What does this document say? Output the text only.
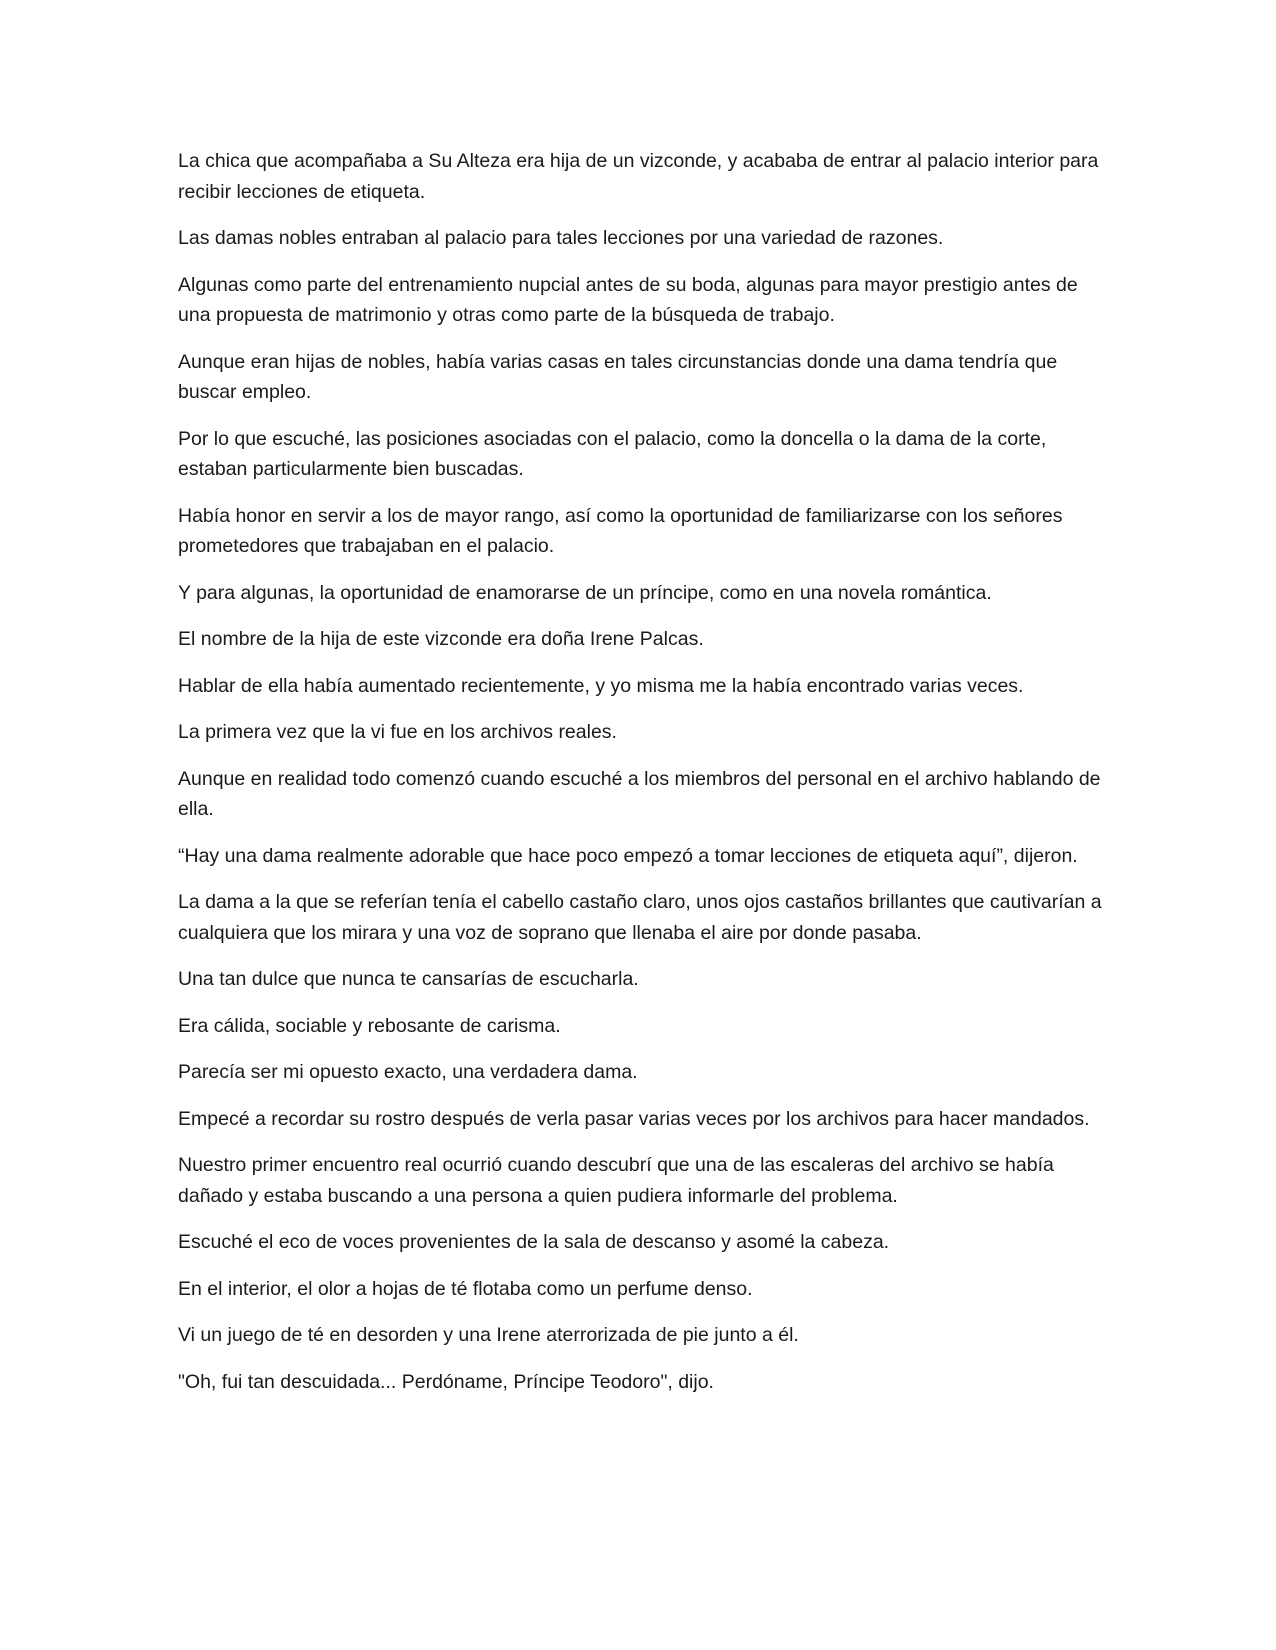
La chica que acompañaba a Su Alteza era hija de un vizconde, y acababa de entrar al palacio interior para recibir lecciones de etiqueta.

Las damas nobles entraban al palacio para tales lecciones por una variedad de razones.

Algunas como parte del entrenamiento nupcial antes de su boda, algunas para mayor prestigio antes de una propuesta de matrimonio y otras como parte de la búsqueda de trabajo.

Aunque eran hijas de nobles, había varias casas en tales circunstancias donde una dama tendría que buscar empleo.

Por lo que escuché, las posiciones asociadas con el palacio, como la doncella o la dama de la corte, estaban particularmente bien buscadas.

Había honor en servir a los de mayor rango, así como la oportunidad de familiarizarse con los señores prometedores que trabajaban en el palacio.

Y para algunas, la oportunidad de enamorarse de un príncipe, como en una novela romántica.

El nombre de la hija de este vizconde era doña Irene Palcas.

Hablar de ella había aumentado recientemente, y yo misma me la había encontrado varias veces.

La primera vez que la vi fue en los archivos reales.

Aunque en realidad todo comenzó cuando escuché a los miembros del personal en el archivo hablando de ella.

“Hay una dama realmente adorable que hace poco empezó a tomar lecciones de etiqueta aquí”, dijeron.

La dama a la que se referían tenía el cabello castaño claro, unos ojos castaños brillantes que cautivarían a cualquiera que los mirara y una voz de soprano que llenaba el aire por donde pasaba.

Una tan dulce que nunca te cansarías de escucharla.

Era cálida, sociable y rebosante de carisma.

Parecía ser mi opuesto exacto, una verdadera dama.

Empecé a recordar su rostro después de verla pasar varias veces por los archivos para hacer mandados.

Nuestro primer encuentro real ocurrió cuando descubrí que una de las escaleras del archivo se había dañado y estaba buscando a una persona a quien pudiera informarle del problema.

Escuché el eco de voces provenientes de la sala de descanso y asomé la cabeza.

En el interior, el olor a hojas de té flotaba como un perfume denso.

Vi un juego de té en desorden y una Irene aterrorizada de pie junto a él.

"Oh, fui tan descuidada... Perdóname, Príncipe Teodoro", dijo.
